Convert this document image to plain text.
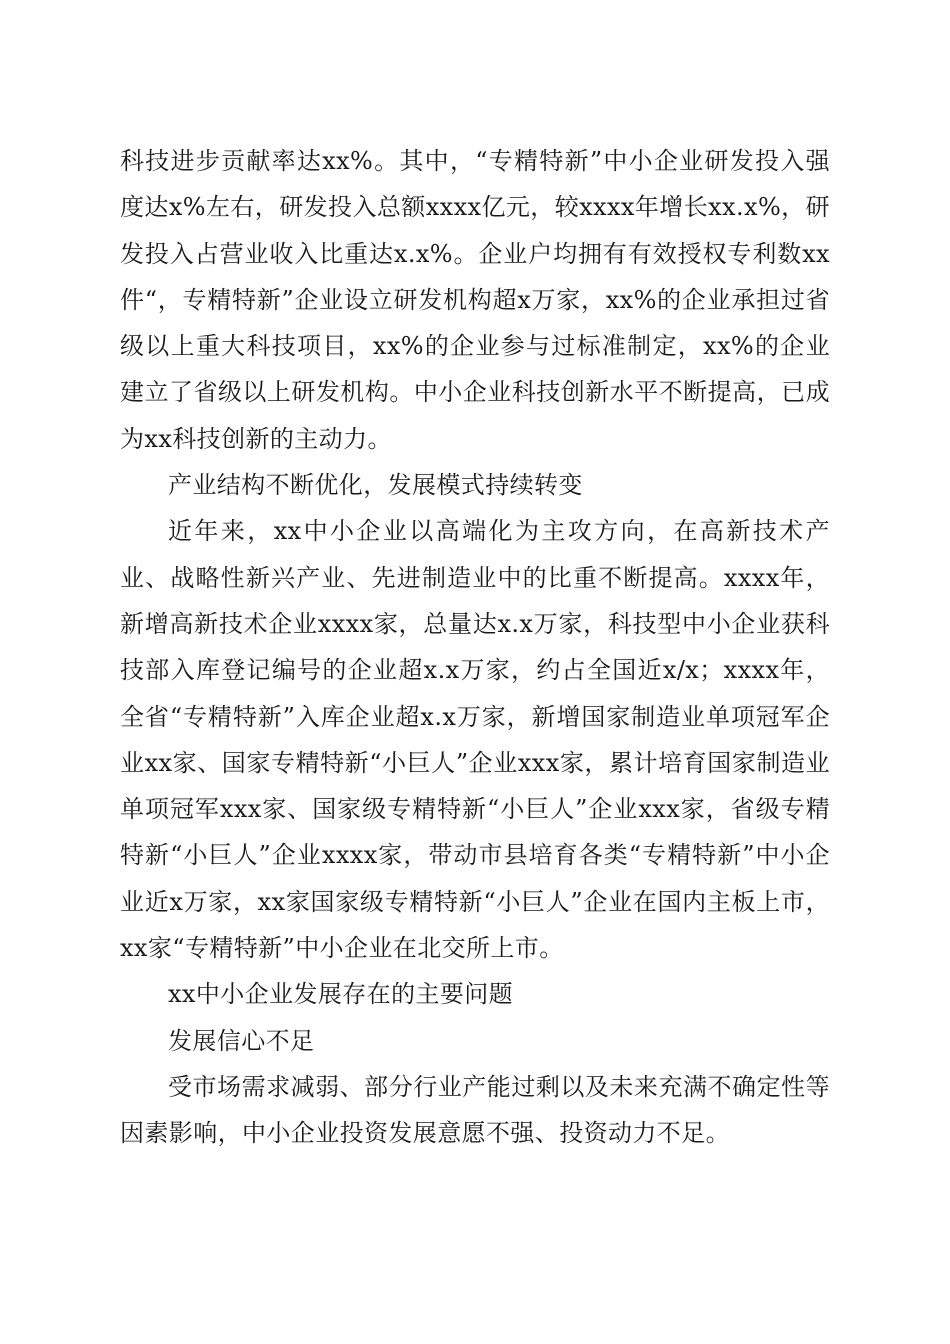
科技进步贡献率达xx%。其中，“专精特新”中小企业研发投入强度达x%左右，研发投入总额xxxx亿元，较xxxx年增长xx.x%，研发投入占营业收入比重达x.x%。企业户均拥有有效授权专利数xx件“，专精特新”企业设立研发机构超x万家，xx%的企业承担过省级以上重大科技项目，xx%的企业参与过标准制定，xx%的企业建立了省级以上研发机构。中小企业科技创新水平不断提高，已成为xx科技创新的主动力。

产业结构不断优化，发展模式持续转变

近年来，xx中小企业以高端化为主攻方向，在高新技术产业、战略性新兴产业、先进制造业中的比重不断提高。xxxx年，新增高新技术企业xxxx家，总量达x.x万家，科技型中小企业获科技部入库登记编号的企业超x.x万家，约占全国近x/x；xxxx年，全省“专精特新”入库企业超x.x万家，新增国家制造业单项冠军企业xx家、国家专精特新“小巨人”企业xxx家，累计培育国家制造业单项冠军xxx家、国家级专精特新“小巨人”企业xxx家，省级专精特新“小巨人”企业xxxx家，带动市县培育各类“专精特新”中小企业近x万家，xx家国家级专精特新“小巨人”企业在国内主板上市，xx家“专精特新”中小企业在北交所上市。

xx中小企业发展存在的主要问题

发展信心不足

受市场需求减弱、部分行业产能过剩以及未来充满不确定性等因素影响，中小企业投资发展意愿不强、投资动力不足。
